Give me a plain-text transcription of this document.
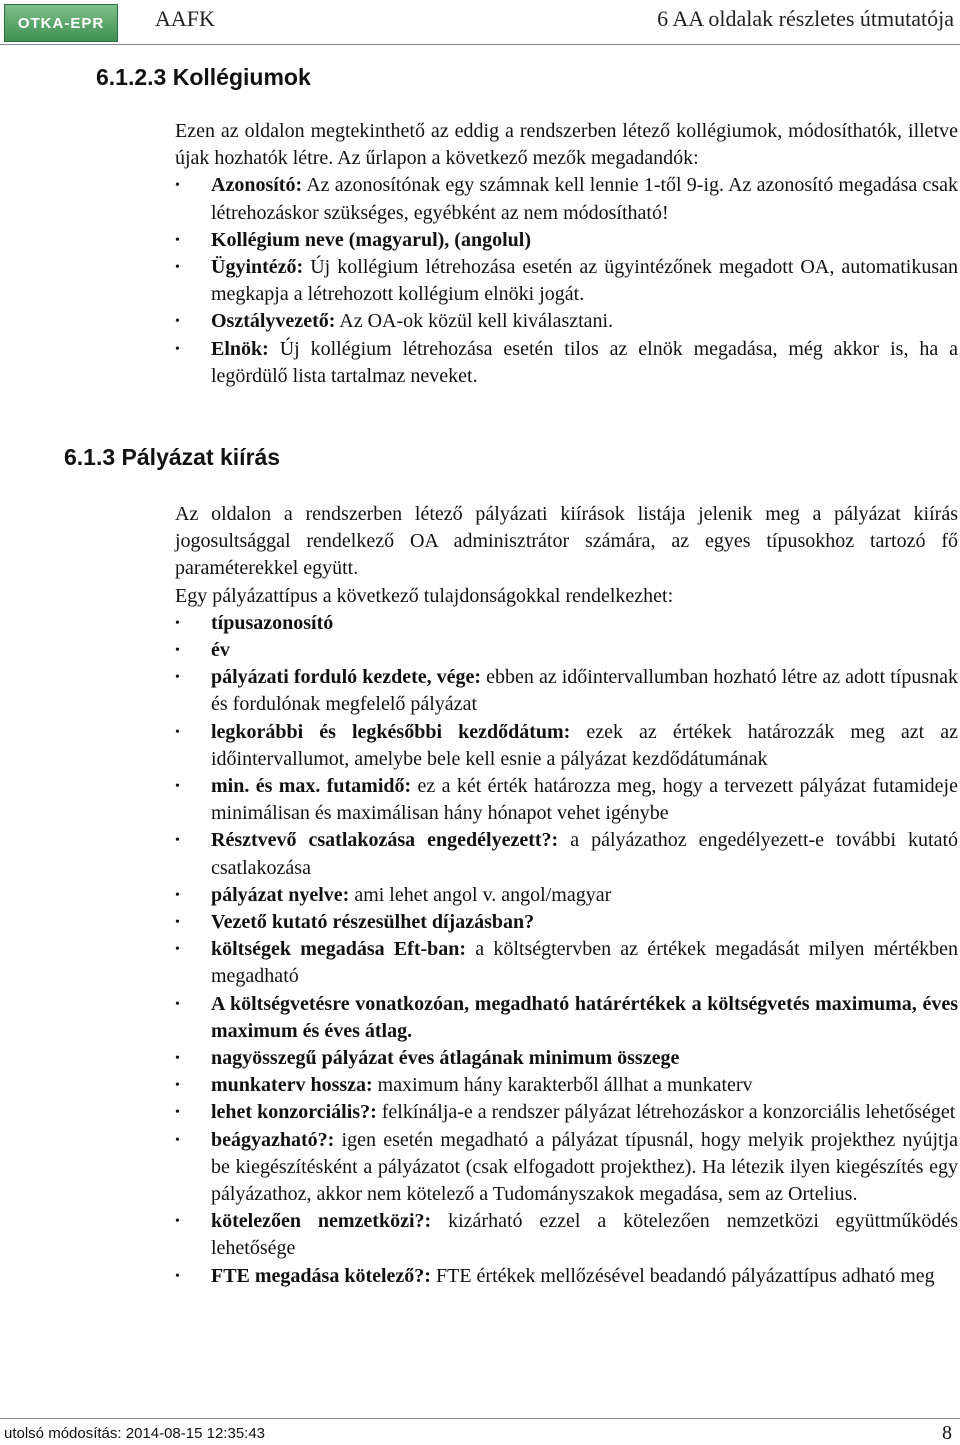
OTKA-EPR AAFK	6 AA oldalak részletes útmutatója
6.1.2.3 Kollégiumok

Ezen az oldalon megtekinthető az eddig a rendszerben létező kollégiumok, módosíthatók, illetve újak hozhatók létre. Az űrlapon a következő mezők megadandók:

• Azonosító: Az azonosítónak egy számnak kell lennie 1-től 9-ig. Az azonosító megadása csak létrehozáskor szükséges, egyébként az nem módosítható!
• Kollégium neve (magyarul), (angolul)
• Ügyintéző: Új kollégium létrehozása esetén az ügyintézőnek megadott OA, automatikusan megkapja a létrehozott kollégium elnöki jogát.
• Osztályvezető: Az OA-ok közül kell kiválasztani.
• Elnök: Új kollégium létrehozása esetén tilos az elnök megadása, még akkor is, ha a legördülő lista tartalmaz neveket.
6.1.3 Pályázat kiírás

Az oldalon a rendszerben létező pályázati kiírások listája jelenik meg a pályázat kiírás jogosultsággal rendelkező OA adminisztrátor számára, az egyes típusokhoz tartozó fő paraméterekkel együtt.

Egy pályázattípus a következő tulajdonságokkal rendelkezhet:

• típusazonosító
• év
• pályázati forduló kezdete, vége: ebben az időintervallumban hozható létre az adott típusnak és fordulónak megfelelő pályázat
• legkorábbi és legkésőbbi kezdődátum: ezek az értékek határozzák meg azt az időintervallumot, amelybe bele kell esnie a pályázat kezdődátumának
• min. és max. futamidő: ez a két érték határozza meg, hogy a tervezett pályázat futamideje minimálisan és maximálisan hány hónapot vehet igénybe
• Résztvevő csatlakozása engedélyezett?: a pályázathoz engedélyezett-e további kutató csatlakozása
• pályázat nyelve: ami lehet angol v. angol/magyar
• Vezető kutató részesülhet díjazásban?
• költségek megadása Eft-ban: a költségtervben az értékek megadását milyen mértékben megadható
• A költségvetésre vonatkozóan, megadható határértékek a költségvetés maximuma, éves maximum és éves átlag.
• nagyösszegű pályázat éves átlagának minimum összege
• munkaterv hossza: maximum hány karakterből állhat a munkaterv
• lehet konzorciális?: felkínálja-e a rendszer pályázat létrehozáskor a konzorciális lehetőséget
• beágyazható?: igen esetén megadható a pályázat típusnál, hogy melyik projekthez nyújtja be kiegészítésként a pályázatot (csak elfogadott projekthez). Ha létezik ilyen kiegészítés egy pályázathoz, akkor nem kötelező a Tudományszakok megadása, sem az Ortelius.
• kötelezően nemzetközi?: kizárható ezzel a kötelezően nemzetközi együttműködés lehetősége
• FTE megadása kötelező?: FTE értékek mellőzésével beadandó pályázattípus adható meg
utolsó módosítás: 2014-08-15 12:35:43	8
